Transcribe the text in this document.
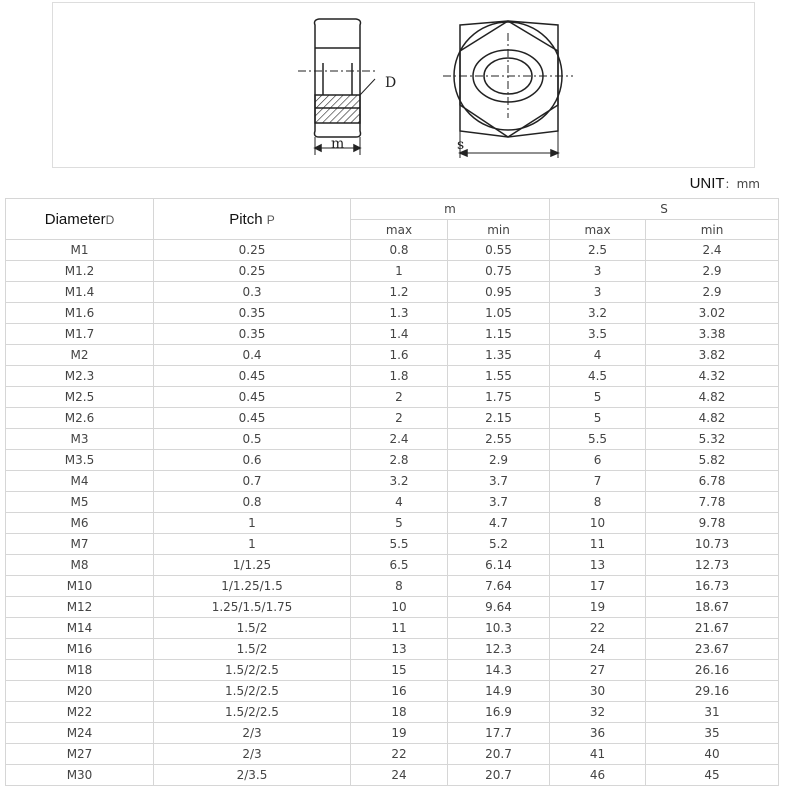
D
m	s
UNIT：mm
DiameterD	Pitch P	m		S	
		max	min	max	min
M1	0.25	0.8	0.55	2.5	2.4
M1.2	0.25	1	0.75	3	2.9
M1.4	0.3	1.2	0.95	3	2.9
M1.6	0.35	1.3	1.05	3.2	3.02
M1.7	0.35	1.4	1.15	3.5	3.38
M2	0.4	1.6	1.35	4	3.82
M2.3	0.45	1.8	1.55	4.5	4.32
M2.5	0.45	2	1.75	5	4.82
M2.6	0.45	2	2.15	5	4.82
M3	0.5	2.4	2.55	5.5	5.32
M3.5	0.6	2.8	2.9	6	5.82
M4	0.7	3.2	3.7	7	6.78
M5	0.8	4	3.7	8	7.78
M6	1	5	4.7	10	9.78
M7	1	5.5	5.2	11	10.73
M8	1/1.25	6.5	6.14	13	12.73
M10	1/1.25/1.5	8	7.64	17	16.73
M12	1.25/1.5/1.75	10	9.64	19	18.67
M14	1.5/2	11	10.3	22	21.67
M16	1.5/2	13	12.3	24	23.67
M18	1.5/2/2.5	15	14.3	27	26.16
M20	1.5/2/2.5	16	14.9	30	29.16
M22	1.5/2/2.5	18	16.9	32	31
M24	2/3	19	17.7	36	35
M27	2/3	22	20.7	41	40
M30	2/3.5	24	20.7	46	45
